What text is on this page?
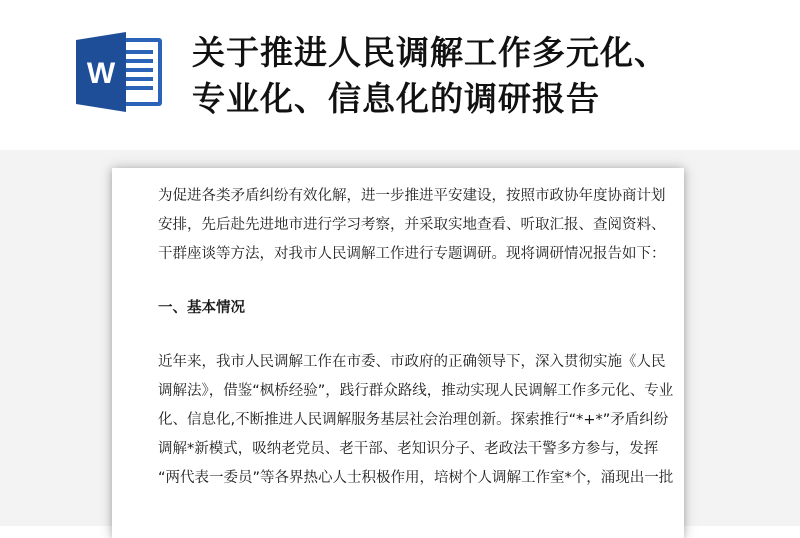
W
关于推进人民调解工作多元化、
专业化、信息化的调研报告

为促进各类矛盾纠纷有效化解，进一步推进平安建设，按照市政协年度协商计划
安排，先后赴先进地市进行学习考察，并采取实地查看、听取汇报、查阅资料、
干群座谈等方法，对我市人民调解工作进行专题调研。现将调研情况报告如下：

一、基本情况

近年来，我市人民调解工作在市委、市政府的正确领导下，深入贯彻实施《人民
调解法》，借鉴“枫桥经验”，践行群众路线，推动实现人民调解工作多元化、专业
化、信息化,不断推进人民调解服务基层社会治理创新。探索推行“*+*”矛盾纠纷
调解*新模式，吸纳老党员、老干部、老知识分子、老政法干警多方参与，发挥
“两代表一委员”等各界热心人士积极作用，培树个人调解工作室*个，涌现出一批
